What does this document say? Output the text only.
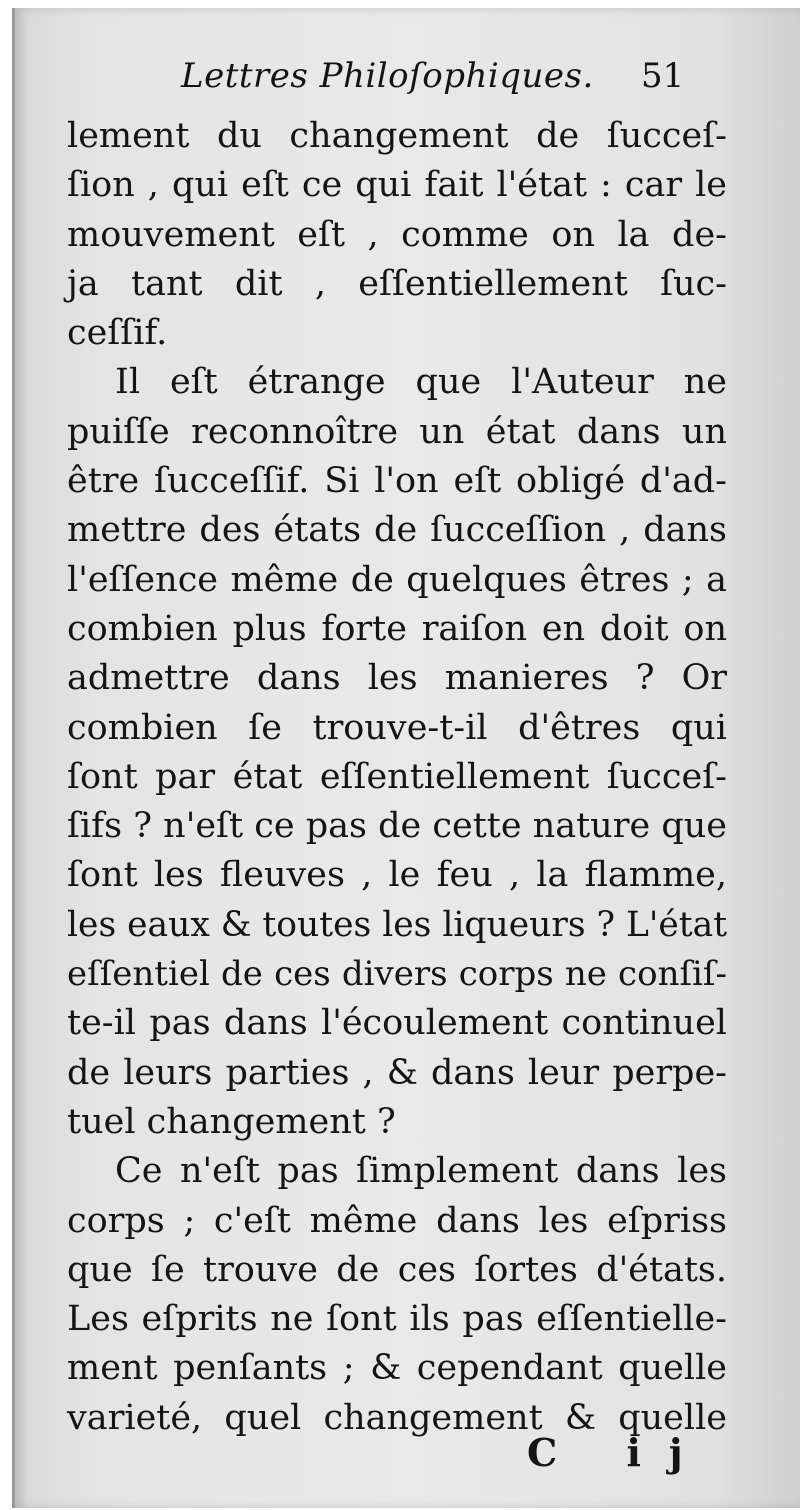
Lettres Philoſophiques. 51
lement du changement de ſucceſ-
ſion , qui eſt ce qui fait l'état : car le
mouvement eſt , comme on la de-
ja tant dit , eſſentiellement ſuc-
ceſſif.
Il eſt étrange que l'Auteur ne
puiſſe reconnoître un état dans un
être ſucceſſif. Si l'on eſt obligé d'ad-
mettre des états de ſucceſſion , dans
l'eſſence même de quelques êtres ; a
combien plus forte raiſon en doit on
admettre dans les manieres ? Or
combien ſe trouve-t-il d'êtres qui
ſont par état eſſentiellement ſucceſ-
ſifs ? n'eſt ce pas de cette nature que
ſont les fleuves , le feu , la flamme,
les eaux & toutes les liqueurs ? L'état
eſſentiel de ces divers corps ne conſiſ-
te-il pas dans l'écoulement continuel
de leurs parties , & dans leur perpe-
tuel changement ?
Ce n'eſt pas ſimplement dans les
corps ; c'eſt même dans les eſpriss
que ſe trouve de ces ſortes d'états.
Les eſprits ne ſont ils pas eſſentielle-
ment penſants ; & cependant quelle
varieté, quel changement & quelle
C ij
